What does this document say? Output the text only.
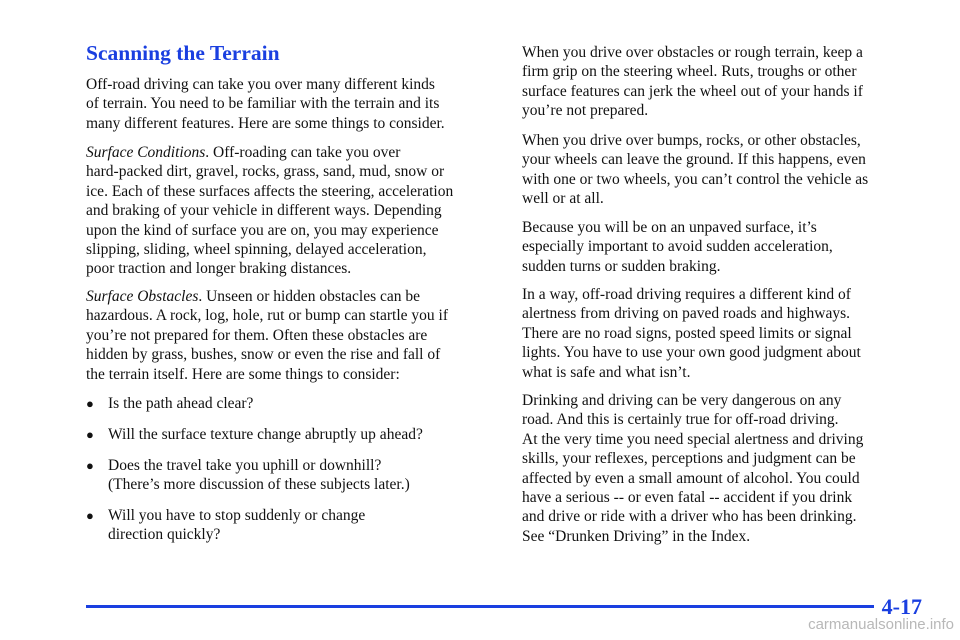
Scanning the Terrain

Off-road driving can take you over many different kinds

of terrain. You need to be familiar with the terrain and its

many different features. Here are some things to consider.

Surface Conditions. Off-roading can take you over

hard-packed dirt, gravel, rocks, grass, sand, mud, snow or

ice. Each of these surfaces affects the steering, acceleration

and braking of your vehicle in different ways. Depending

upon the kind of surface you are on, you may experience

slipping, sliding, wheel spinning, delayed acceleration,

poor traction and longer braking distances.

Surface Obstacles. Unseen or hidden obstacles can be

hazardous. A rock, log, hole, rut or bump can startle you if

you’re not prepared for them. Often these obstacles are

hidden by grass, bushes, snow or even the rise and fall of

the terrain itself. Here are some things to consider:

● Is the path ahead clear?

● Will the surface texture change abruptly up ahead?

● Does the travel take you uphill or downhill?

(There’s more discussion of these subjects later.)

● Will you have to stop suddenly or change

direction quickly?

When you drive over obstacles or rough terrain, keep a

firm grip on the steering wheel. Ruts, troughs or other

surface features can jerk the wheel out of your hands if

you’re not prepared.

When you drive over bumps, rocks, or other obstacles,

your wheels can leave the ground. If this happens, even

with one or two wheels, you can’t control the vehicle as

well or at all.

Because you will be on an unpaved surface, it’s

especially important to avoid sudden acceleration,

sudden turns or sudden braking.

In a way, off-road driving requires a different kind of

alertness from driving on paved roads and highways.

There are no road signs, posted speed limits or signal

lights. You have to use your own good judgment about

what is safe and what isn’t.

Drinking and driving can be very dangerous on any

road. And this is certainly true for off-road driving.

At the very time you need special alertness and driving

skills, your reflexes, perceptions and judgment can be

affected by even a small amount of alcohol. You could

have a serious -- or even fatal -- accident if you drink

and drive or ride with a driver who has been drinking.

See “Drunken Driving” in the Index.

4-17
carmanualsonline.info
